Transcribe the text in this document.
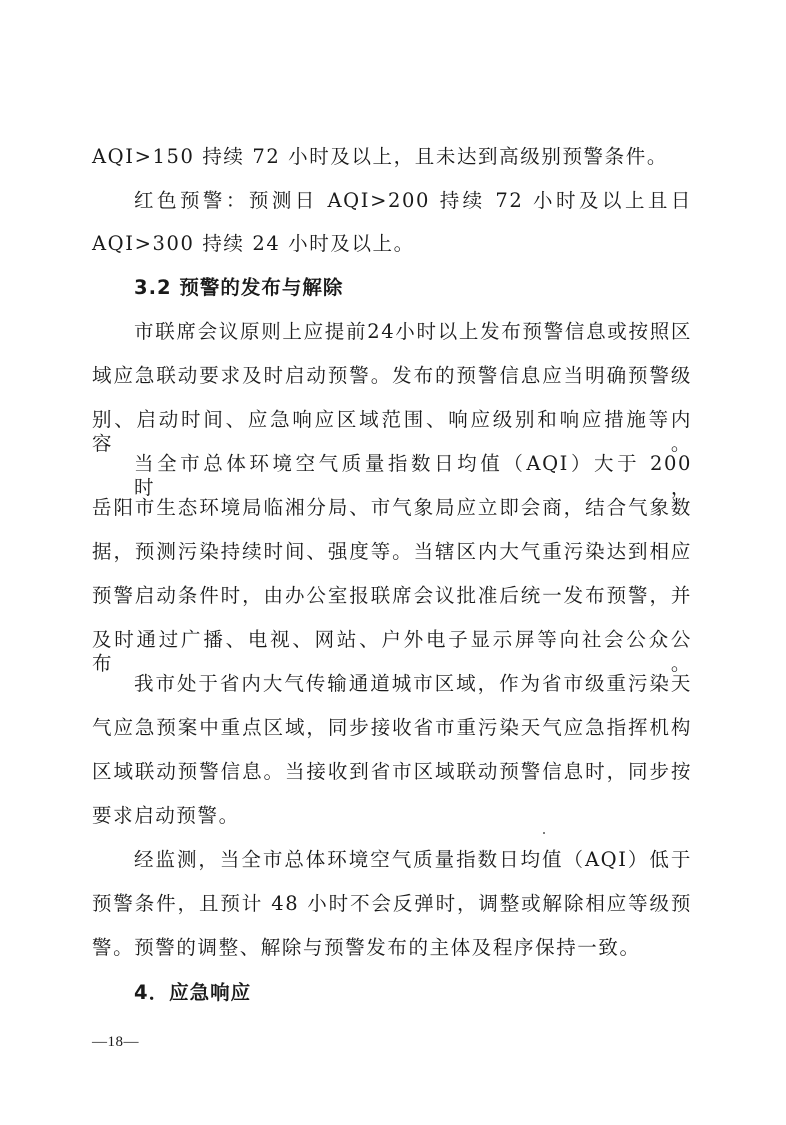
AQI>150 持续 72 小时及以上，且未达到高级别预警条件。
红色预警：预测日 AQI>200 持续 72 小时及以上且日
AQI>300 持续 24 小时及以上。
3.2 预警的发布与解除
市联席会议原则上应提前24小时以上发布预警信息或按照区
域应急联动要求及时启动预警。发布的预警信息应当明确预警级
别、启动时间、应急响应区域范围、响应级别和响应措施等内容。
当全市总体环境空气质量指数日均值（AQI）大于 200 时，
岳阳市生态环境局临湘分局、市气象局应立即会商，结合气象数
据，预测污染持续时间、强度等。当辖区内大气重污染达到相应
预警启动条件时，由办公室报联席会议批准后统一发布预警，并
及时通过广播、电视、网站、户外电子显示屏等向社会公众公布。
我市处于省内大气传输通道城市区域，作为省市级重污染天
气应急预案中重点区域，同步接收省市重污染天气应急指挥机构
区域联动预警信息。当接收到省市区域联动预警信息时，同步按
要求启动预警。
经监测，当全市总体环境空气质量指数日均值（AQI）低于
预警条件，且预计 48 小时不会反弹时，调整或解除相应等级预
警。预警的调整、解除与预警发布的主体及程序保持一致。
4．应急响应
—18—
